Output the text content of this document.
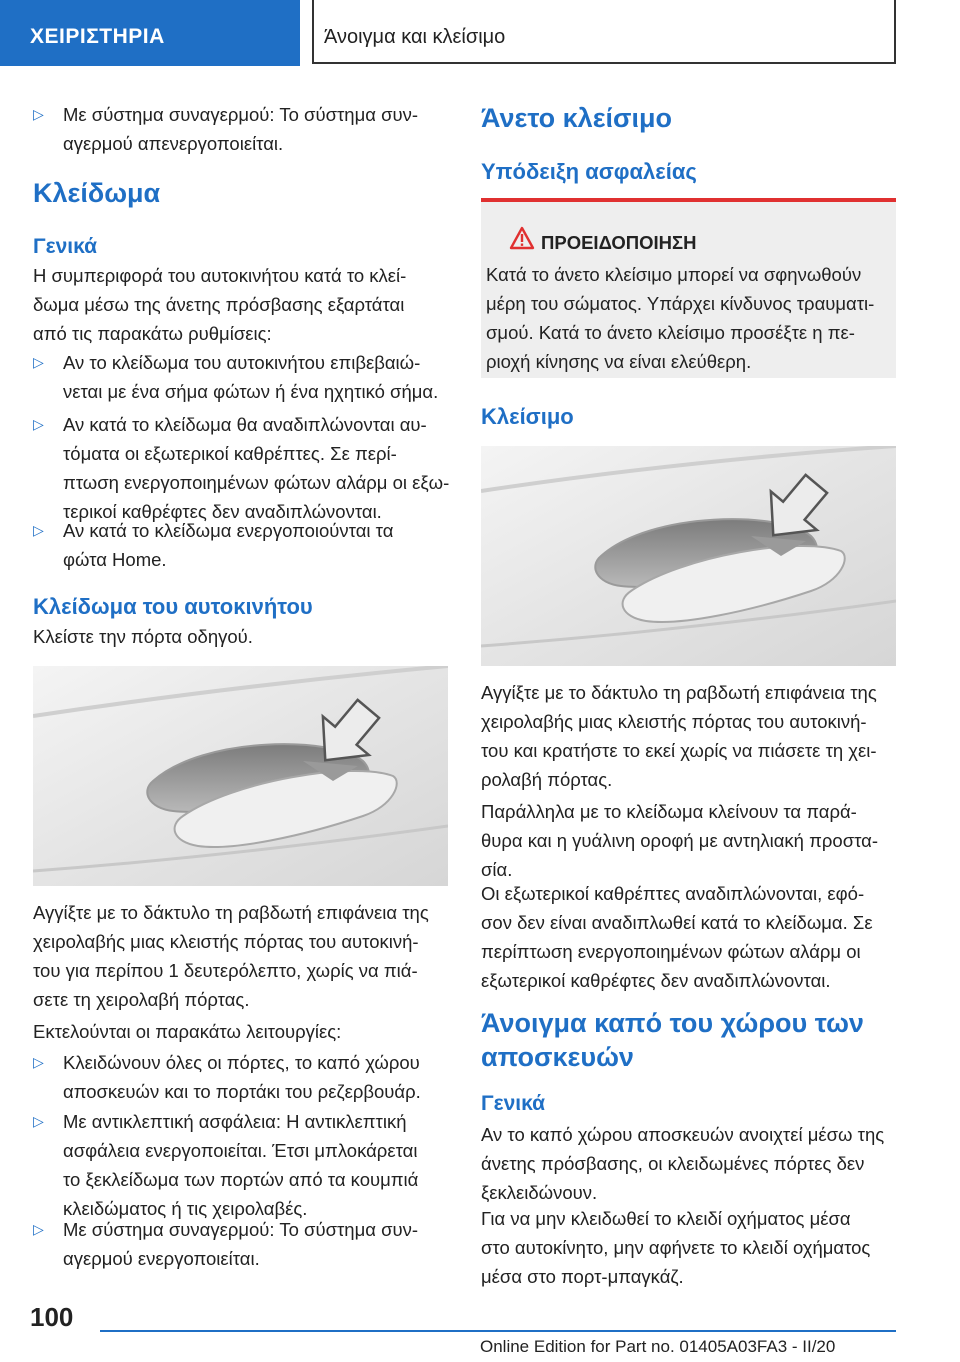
ΧΕΙΡΙΣΤΗΡΙΑ	Άνοιγμα και κλείσιμο
▷ Με σύστημα συναγερμού: Το σύστημα συν-
αγερμού απενεργοποιείται.
Κλείδωμα
Γενικά
Η συμπεριφορά του αυτοκινήτου κατά το κλεί-
δωμα μέσω της άνετης πρόσβασης εξαρτάται
από τις παρακάτω ρυθμίσεις:
▷ Αν το κλείδωμα του αυτοκινήτου επιβεβαιώ-
νεται με ένα σήμα φώτων ή ένα ηχητικό σήμα.
▷ Αν κατά το κλείδωμα θα αναδιπλώνονται αυ-
τόματα οι εξωτερικοί καθρέπτες. Σε περί-
πτωση ενεργοποιημένων φώτων αλάρμ οι εξω-
τερικοί καθρέφτες δεν αναδιπλώνονται.
▷ Αν κατά το κλείδωμα ενεργοποιούνται τα
φώτα Home.
Κλείδωμα του αυτοκινήτου
Κλείστε την πόρτα οδηγού.
Αγγίξτε με το δάκτυλο τη ραβδωτή επιφάνεια της
χειρολαβής μιας κλειστής πόρτας του αυτοκινή-
του για περίπου 1 δευτερόλεπτο, χωρίς να πιά-
σετε τη χειρολαβή πόρτας.
Εκτελούνται οι παρακάτω λειτουργίες:
▷ Κλειδώνουν όλες οι πόρτες, το καπό χώρου
αποσκευών και το πορτάκι του ρεζερβουάρ.
▷ Με αντικλεπτική ασφάλεια: Η αντικλεπτική
ασφάλεια ενεργοποιείται. Έτσι μπλοκάρεται
το ξεκλείδωμα των πορτών από τα κουμπιά
κλειδώματος ή τις χειρολαβές.
▷ Με σύστημα συναγερμού: Το σύστημα συν-
αγερμού ενεργοποιείται.
Άνετο κλείσιμο
Υπόδειξη ασφαλείας
ΠΡΟΕΙΔΟΠΟΙΗΣΗ
Κατά το άνετο κλείσιμο μπορεί να σφηνωθούν
μέρη του σώματος. Υπάρχει κίνδυνος τραυματι-
σμού. Κατά το άνετο κλείσιμο προσέξτε η πε-
ριοχή κίνησης να είναι ελεύθερη.
Κλείσιμο
Αγγίξτε με το δάκτυλο τη ραβδωτή επιφάνεια της
χειρολαβής μιας κλειστής πόρτας του αυτοκινή-
του και κρατήστε το εκεί χωρίς να πιάσετε τη χει-
ρολαβή πόρτας.
Παράλληλα με το κλείδωμα κλείνουν τα παρά-
θυρα και η γυάλινη οροφή με αντηλιακή προστα-
σία.
Οι εξωτερικοί καθρέπτες αναδιπλώνονται, εφό-
σον δεν είναι αναδιπλωθεί κατά το κλείδωμα. Σε
περίπτωση ενεργοποιημένων φώτων αλάρμ οι
εξωτερικοί καθρέφτες δεν αναδιπλώνονται.
Άνοιγμα καπό του χώρου των
αποσκευών
Γενικά
Αν το καπό χώρου αποσκευών ανοιχτεί μέσω της
άνετης πρόσβασης, οι κλειδωμένες πόρτες δεν
ξεκλειδώνουν.
Για να μην κλειδωθεί το κλειδί οχήματος μέσα
στο αυτοκίνητο, μην αφήνετε το κλειδί οχήματος
μέσα στο πορτ-μπαγκάζ.
100
Online Edition for Part no. 01405A03FA3 - II/20
